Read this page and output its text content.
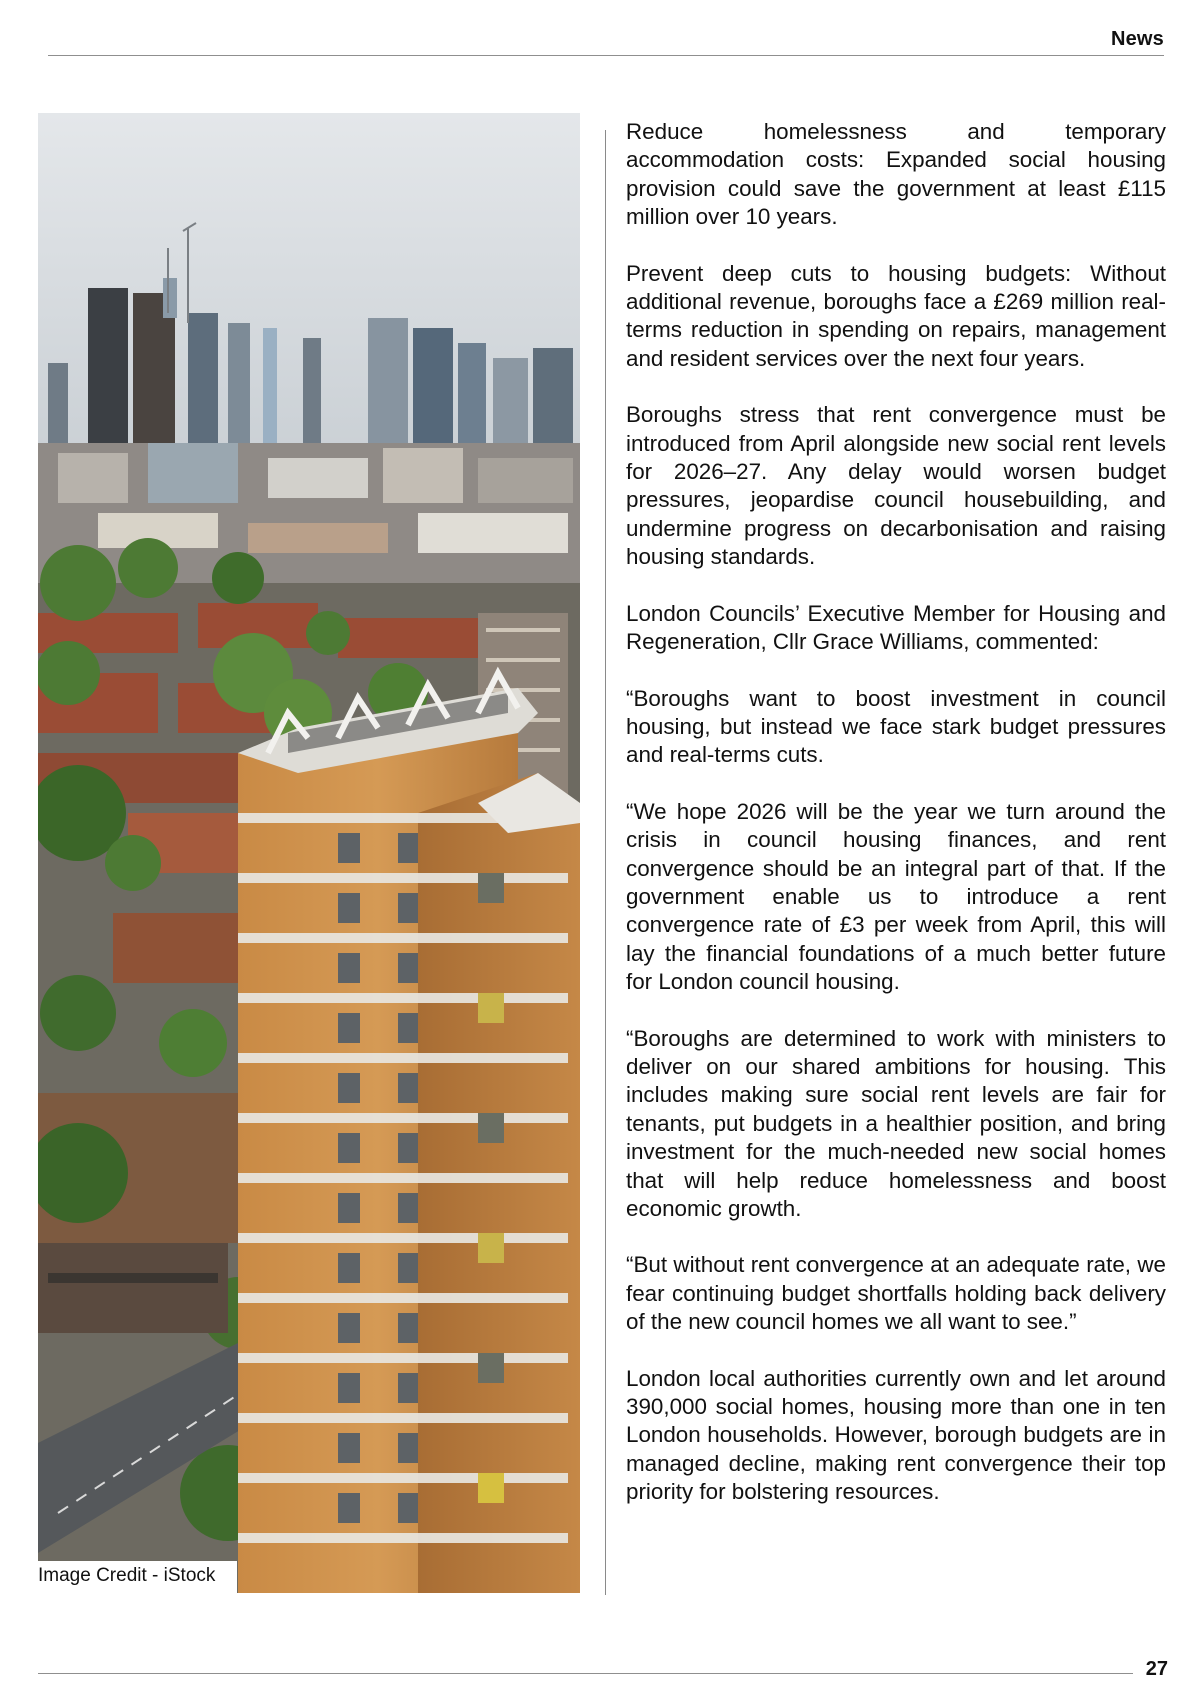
News
Image Credit - iStock

Reduce homelessness and temporary accommodation costs: Expanded social housing provision could save the government at least £115 million over 10 years.

Prevent deep cuts to housing budgets: Without additional revenue, boroughs face a £269 million real-terms reduction in spending on repairs, management and resident services over the next four years.

Boroughs stress that rent convergence must be introduced from April alongside new social rent levels for 2026–27. Any delay would worsen budget pressures, jeopardise council housebuilding, and undermine progress on decarbonisation and raising housing standards.

London Councils’ Executive Member for Housing and Regeneration, Cllr Grace Williams, commented:

“Boroughs want to boost investment in council housing, but instead we face stark budget pressures and real-terms cuts.

“We hope 2026 will be the year we turn around the crisis in council housing finances, and rent convergence should be an integral part of that. If the government enable us to introduce a rent convergence rate of £3 per week from April, this will lay the financial foundations of a much better future for London council housing.

“Boroughs are determined to work with ministers to deliver on our shared ambitions for housing. This includes making sure social rent levels are fair for tenants, put budgets in a healthier position, and bring investment for the much-needed new social homes that will help reduce homelessness and boost economic growth.

“But without rent convergence at an adequate rate, we fear continuing budget shortfalls holding back delivery of the new council homes we all want to see.”

London local authorities currently own and let around 390,000 social homes, housing more than one in ten London households. However, borough budgets are in managed decline, making rent convergence their top priority for bolstering resources.

27
